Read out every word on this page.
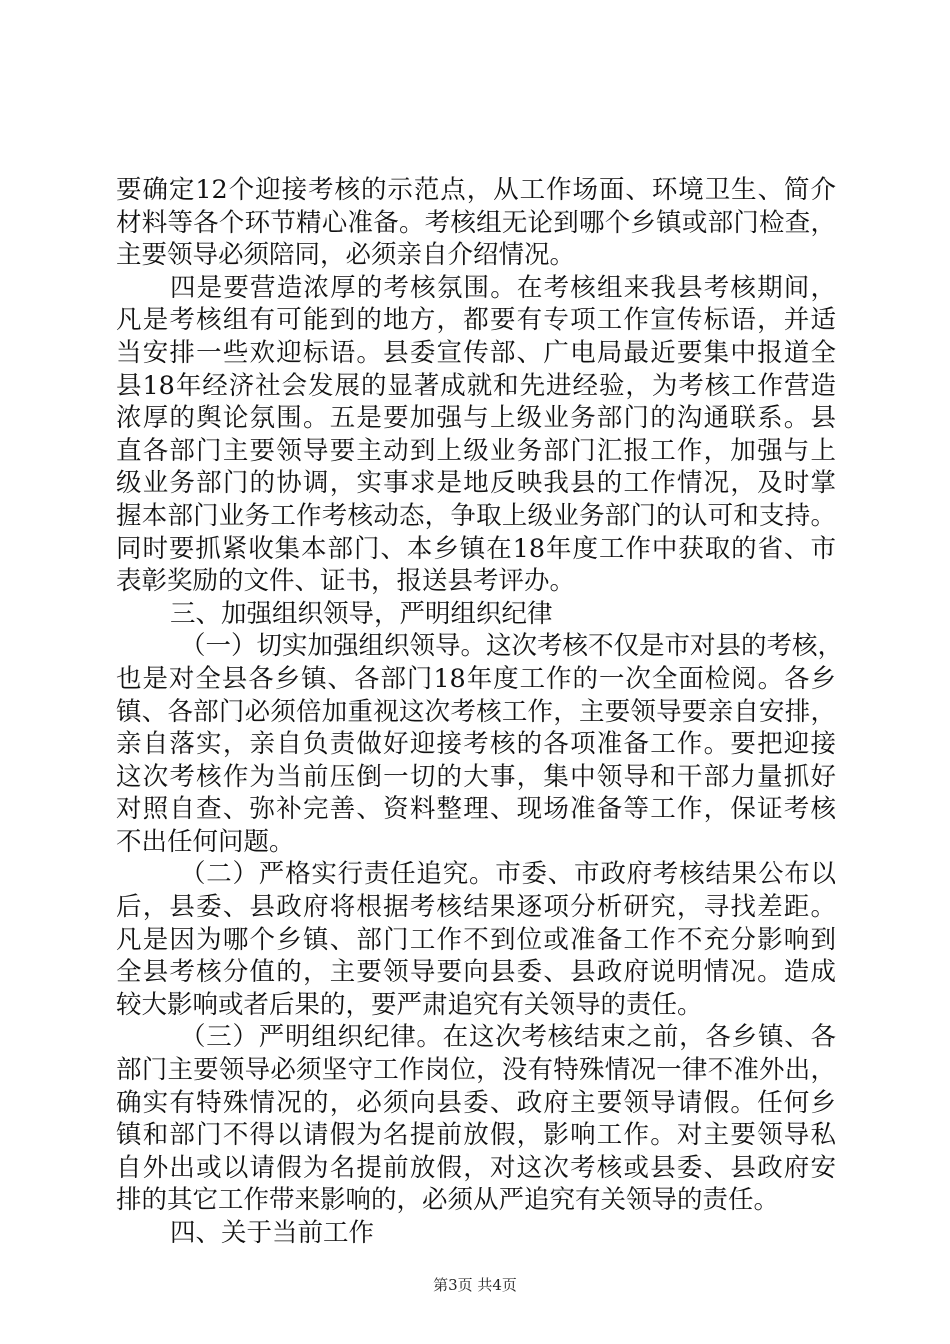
要确定12个迎接考核的示范点，从工作场面、环境卫生、简介
材料等各个环节精心准备。考核组无论到哪个乡镇或部门检查，
主要领导必须陪同，必须亲自介绍情况。
四是要营造浓厚的考核氛围。在考核组来我县考核期间，
凡是考核组有可能到的地方，都要有专项工作宣传标语，并适
当安排一些欢迎标语。县委宣传部、广电局最近要集中报道全
县18年经济社会发展的显著成就和先进经验，为考核工作营造
浓厚的舆论氛围。五是要加强与上级业务部门的沟通联系。县
直各部门主要领导要主动到上级业务部门汇报工作，加强与上
级业务部门的协调，实事求是地反映我县的工作情况，及时掌
握本部门业务工作考核动态，争取上级业务部门的认可和支持。
同时要抓紧收集本部门、本乡镇在18年度工作中获取的省、市
表彰奖励的文件、证书，报送县考评办。
三、加强组织领导，严明组织纪律
（一）切实加强组织领导。这次考核不仅是市对县的考核，
也是对全县各乡镇、各部门18年度工作的一次全面检阅。各乡
镇、各部门必须倍加重视这次考核工作，主要领导要亲自安排，
亲自落实，亲自负责做好迎接考核的各项准备工作。要把迎接
这次考核作为当前压倒一切的大事，集中领导和干部力量抓好
对照自查、弥补完善、资料整理、现场准备等工作，保证考核
不出任何问题。
（二）严格实行责任追究。市委、市政府考核结果公布以
后，县委、县政府将根据考核结果逐项分析研究，寻找差距。
凡是因为哪个乡镇、部门工作不到位或准备工作不充分影响到
全县考核分值的，主要领导要向县委、县政府说明情况。造成
较大影响或者后果的，要严肃追究有关领导的责任。
（三）严明组织纪律。在这次考核结束之前，各乡镇、各
部门主要领导必须坚守工作岗位，没有特殊情况一律不准外出，
确实有特殊情况的，必须向县委、政府主要领导请假。任何乡
镇和部门不得以请假为名提前放假，影响工作。对主要领导私
自外出或以请假为名提前放假，对这次考核或县委、县政府安
排的其它工作带来影响的，必须从严追究有关领导的责任。
四、关于当前工作
第3页 共4页
